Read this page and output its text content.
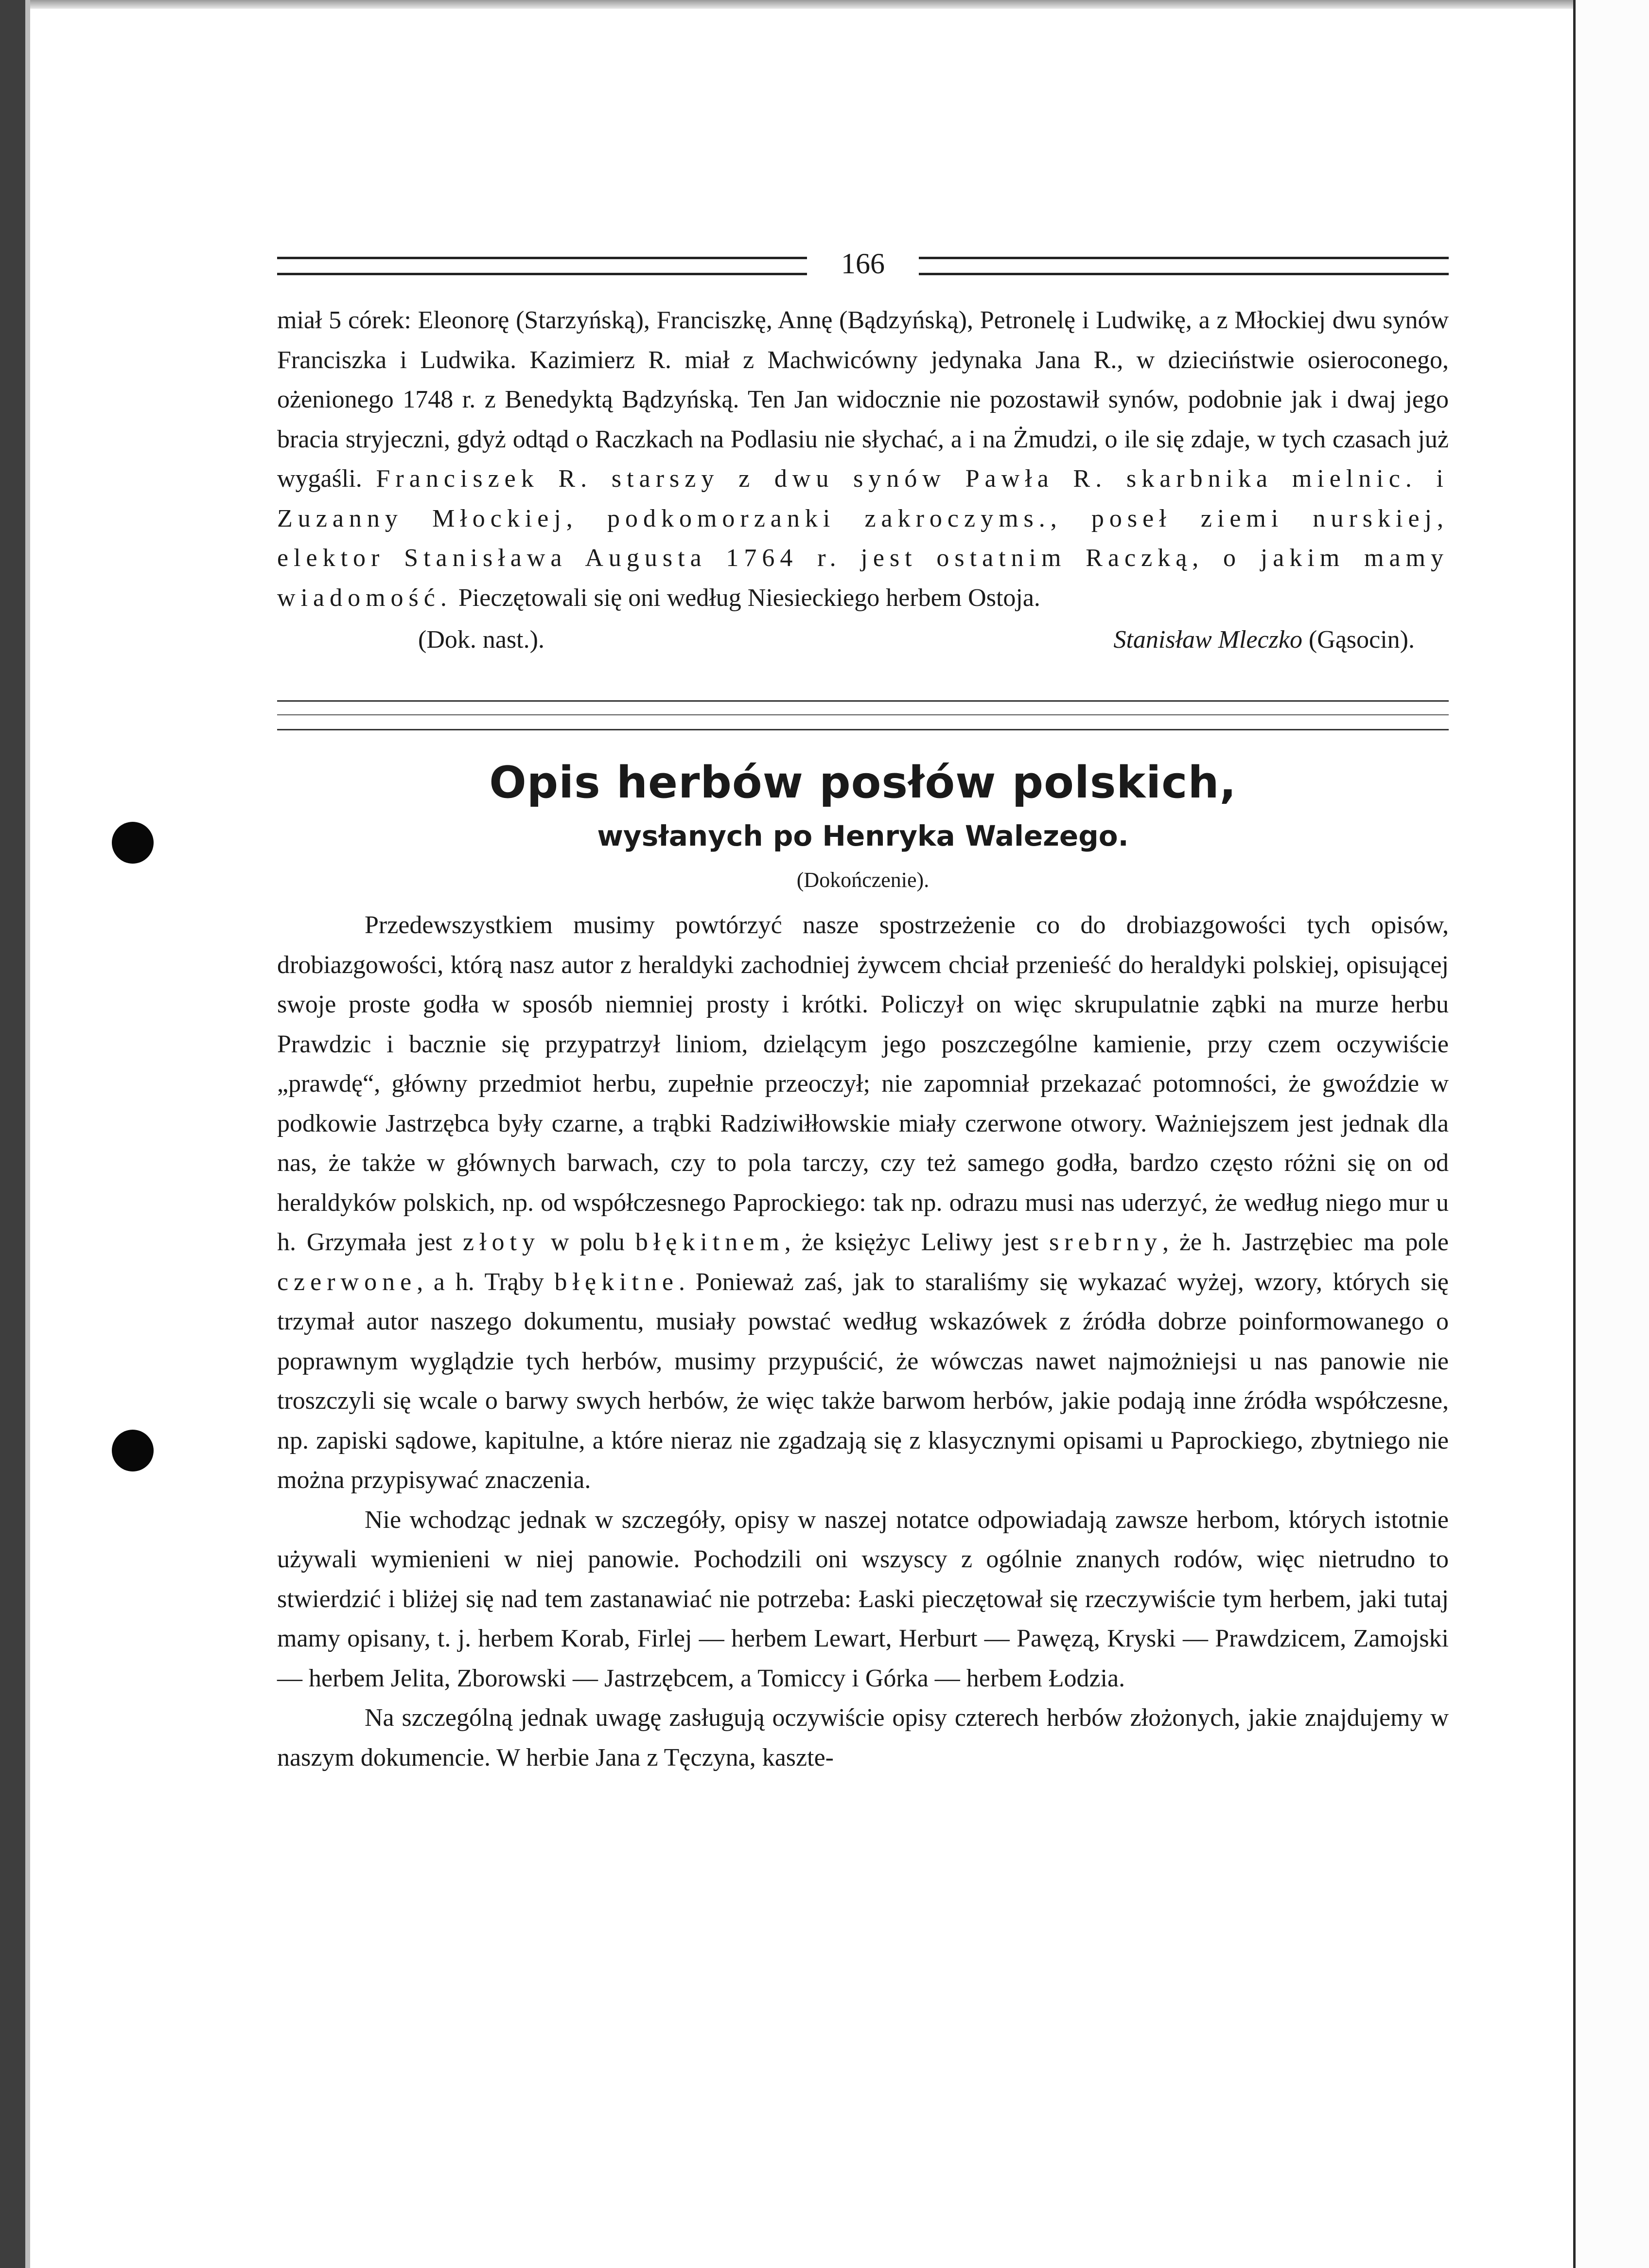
166

miał 5 córek: Eleonorę (Starzyńską), Franciszkę, Annę (Bądzyńską), Petronelę i Ludwikę, a z Młockiej dwu synów Franciszka i Ludwika. Kazimierz R. miał z Machwicówny jedynaka Jana R., w dzieciństwie osieroconego, ożenionego 1748 r. z Benedyktą Bądzyńską. Ten Jan widocznie nie pozostawił synów, podobnie jak i dwaj jego bracia stryjeczni, gdyż odtąd o Raczkach na Podlasiu nie słychać, a i na Żmudzi, o ile się zdaje, w tych czasach już wygaśli. Franciszek R. starszy z dwu synów Pawła R. skarbnika mielnic. i Zuzanny Młockiej, podkomorzanki zakroczyms., poseł ziemi nurskiej, elektor Stanisława Augusta 1764 r. jest ostatnim Raczką, o jakim mamy wiadomość. Pieczętowali się oni według Niesieckiego herbem Ostoja.

(Dok. nast.).	Stanisław Mleczko (Gąsocin).
Opis herbów posłów polskich,
wysłanych po Henryka Walezego.
(Dokończenie).

Przedewszystkiem musimy powtórzyć nasze spostrzeżenie co do drobiazgowości tych opisów, drobiazgowości, którą nasz autor z heraldyki zachodniej żywcem chciał przenieść do heraldyki polskiej, opisującej swoje proste godła w sposób niemniej prosty i krótki. Policzył on więc skrupulatnie ząbki na murze herbu Prawdzic i bacznie się przypatrzył liniom, dzielącym jego poszczególne kamienie, przy czem oczywiście „prawdę“, główny przedmiot herbu, zupełnie przeoczył; nie zapomniał przekazać potomności, że gwoździe w podkowie Jastrzębca były czarne, a trąbki Radziwiłłowskie miały czerwone otwory. Ważniejszem jest jednak dla nas, że także w głównych barwach, czy to pola tarczy, czy też samego godła, bardzo często różni się on od heraldyków polskich, np. od współczesnego Paprockiego: tak np. odrazu musi nas uderzyć, że według niego mur u h. Grzymała jest złoty w polu błękitnem, że księżyc Leliwy jest srebrny, że h. Jastrzębiec ma pole czerwone, a h. Trąby błękitne. Ponieważ zaś, jak to staraliśmy się wykazać wyżej, wzory, których się trzymał autor naszego dokumentu, musiały powstać według wskazówek z źródła dobrze poinformowanego o poprawnym wyglądzie tych herbów, musimy przypuścić, że wówczas nawet najmożniejsi u nas panowie nie troszczyli się wcale o barwy swych herbów, że więc także barwom herbów, jakie podają inne źródła współczesne, np. zapiski sądowe, kapitulne, a które nieraz nie zgadzają się z klasycznymi opisami u Paprockiego, zbytniego nie można przypisywać znaczenia.

Nie wchodząc jednak w szczegóły, opisy w naszej notatce odpowiadają zawsze herbom, których istotnie używali wymienieni w niej panowie. Pochodzili oni wszyscy z ogólnie znanych rodów, więc nietrudno to stwierdzić i bliżej się nad tem zastanawiać nie potrzeba: Łaski pieczętował się rzeczywiście tym herbem, jaki tutaj mamy opisany, t. j. herbem Korab, Firlej — herbem Lewart, Herburt — Pawęzą, Kryski — Prawdzicem, Zamojski — herbem Jelita, Zborowski — Jastrzębcem, a Tomiccy i Górka — herbem Łodzia.

Na szczególną jednak uwagę zasługują oczywiście opisy czterech herbów złożonych, jakie znajdujemy w naszym dokumencie. W herbie Jana z Tęczyna, kaszte-
